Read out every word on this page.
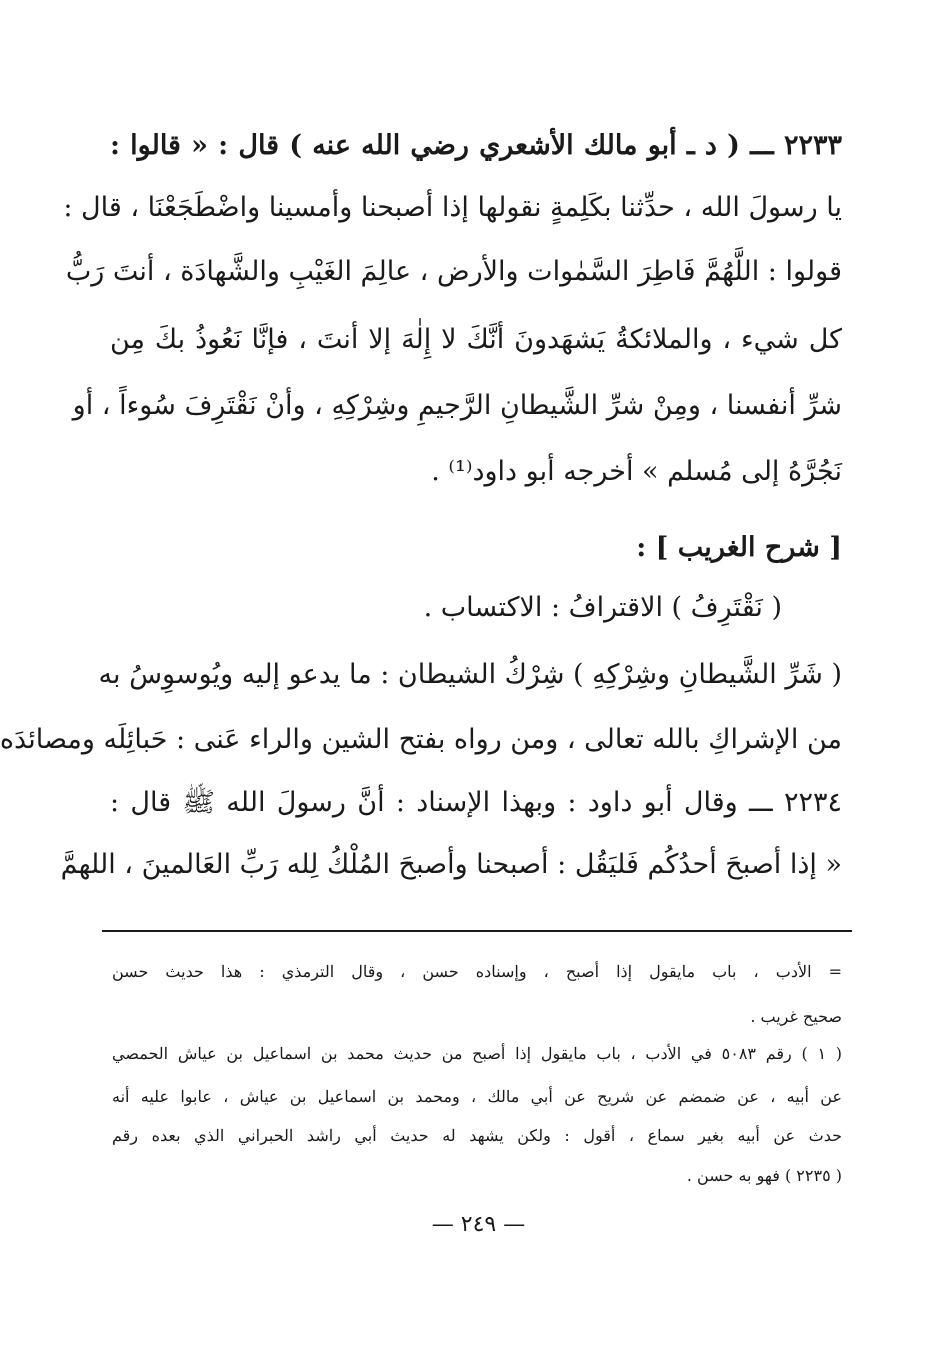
٢٢٣٣ ـــ ( د ـ أبو مالك الأشعري رضي الله عنه ) قال : « قالوا :
يا رسولَ الله ، حدِّثنا بكَلِمةٍ نقولها إذا أصبحنا وأمسينا واضْطَجَعْنَا ، قال :
قولوا : اللَّهُمَّ فَاطِرَ السَّمٰوات والأرض ، عالِمَ الغَيْبِ والشَّهادَة ، أنتَ رَبُّ
كل شيء ، والملائكةُ يَشهَدونَ أنَّكَ لا إِلٰهَ إلا أنتَ ، فإنَّا نَعُوذُ بكَ مِن
شرِّ أنفسنا ، ومِنْ شرِّ الشَّيطانِ الرَّجيمِ وشِرْكِهِ ، وأنْ نَقْتَرِفَ سُوءاً ، أو
نَجُرَّهُ إلى مُسلم » أخرجه أبو داود⁽¹⁾ .
[ شرح الغريب ] :
( نَقْتَرِفُ ) الاقترافُ : الاكتساب .
( شَرِّ الشَّيطانِ وشِرْكِهِ ) شِرْكُ الشيطان : ما يدعو إليه ويُوسوِسُ به
من الإشراكِ بالله تعالى ، ومن رواه بفتح الشين والراء عَنى : حَبائِلَه ومصائدَه
٢٢٣٤ ـــ وقال أبو داود : وبهذا الإسناد : أنَّ رسولَ الله ﷺ قال :
« إذا أصبحَ أحدُكُم فَليَقُل : أصبحنا وأصبحَ المُلْكُ لِله رَبِّ العَالمينَ ، اللهمَّ
= الأدب ، باب مايقول إذا أصبح ، وإسناده حسن ، وقال الترمذي : هذا حديث حسن
صحيح غريب .
( ١ ) رقم ٥٠٨٣ في الأدب ، باب مايقول إذا أصبح من حديث محمد بن اسماعيل بن عياش الحمصي
عن أبيه ، عن ضمضم عن شريح عن أبي مالك ، ومحمد بن اسماعيل بن عياش ، عابوا عليه أنه
حدث عن أبيه بغير سماع ، أقول : ولكن يشهد له حديث أبي راشد الحبراني الذي بعده رقم
( ٢٢٣٥ ) فهو به حسن .
— ٢٤٩ —
